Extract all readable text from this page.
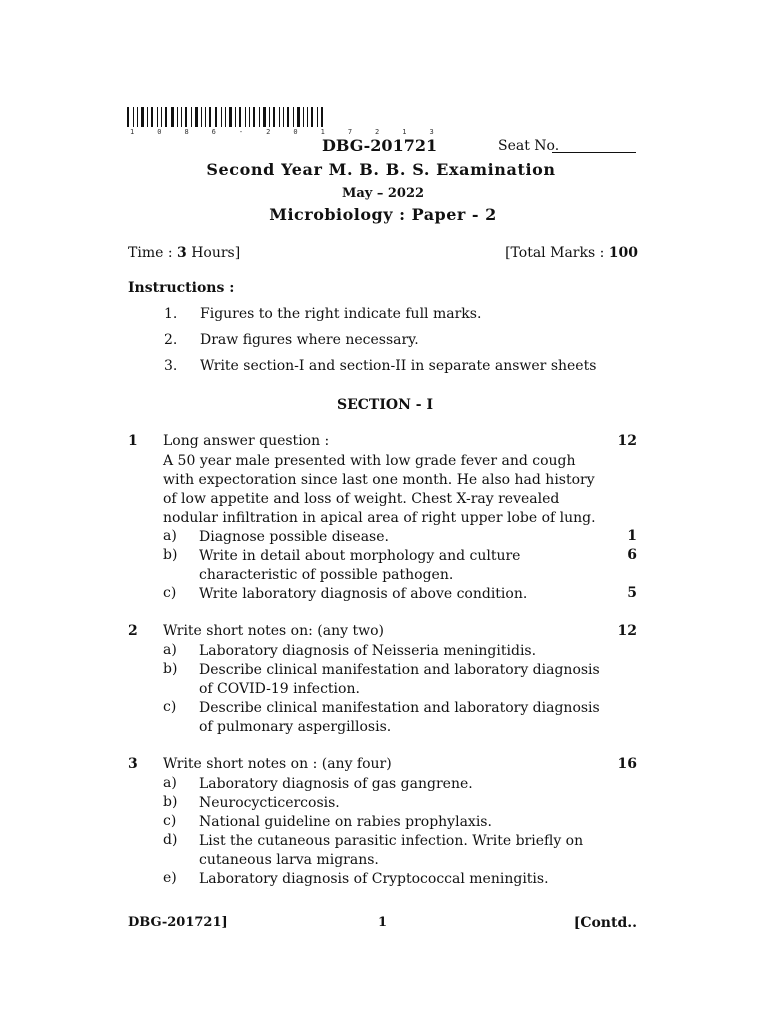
1 0 8 6 - 2 0 1 7 2 1 3
DBG-201721	Seat No.
Second Year M. B. B. S. Examination
May – 2022
Microbiology : Paper - 2
Time : 3 Hours]	[Total Marks : 100
Instructions :
1. Figures to the right indicate full marks.
2. Draw figures where necessary.
3. Write section-I and section-II in separate answer sheets
SECTION - I
1 Long answer question :	12
A 50 year male presented with low grade fever and cough
with expectoration since last one month. He also had history
of low appetite and loss of weight. Chest X-ray revealed
nodular infiltration in apical area of right upper lobe of lung.
a) Diagnose possible disease.	1
b) Write in detail about morphology and culture
characteristic of possible pathogen.
6
c) Write laboratory diagnosis of above condition.	5
2 Write short notes on: (any two)	12
a) Laboratory diagnosis of Neisseria meningitidis.
b) Describe clinical manifestation and laboratory diagnosis
of COVID-19 infection.
c) Describe clinical manifestation and laboratory diagnosis
of pulmonary aspergillosis.
3 Write short notes on : (any four)	16
a) Laboratory diagnosis of gas gangrene.
b) Neurocycticercosis.
c) National guideline on rabies prophylaxis.
d) List the cutaneous parasitic infection. Write briefly on
cutaneous larva migrans.
e) Laboratory diagnosis of Cryptococcal meningitis.
DBG-201721]	1	[Contd..
